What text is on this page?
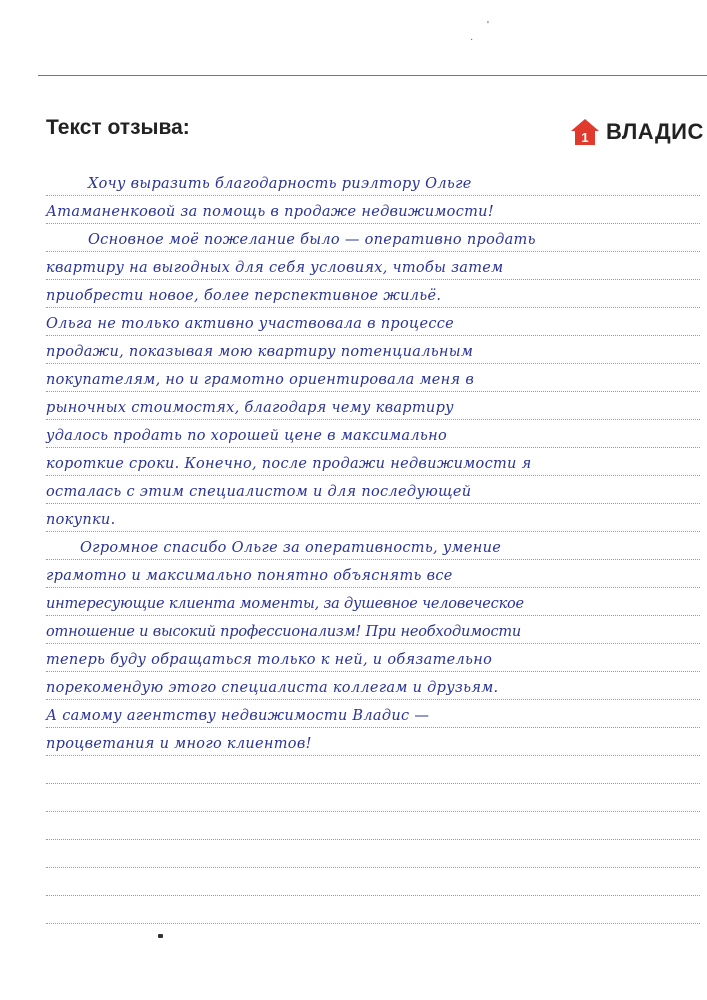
'
·
Текст отзыва:	1 ВЛАДИС
Хочу выразить благодарность риэлтору Ольге
Атаманенковой за помощь в продаже недвижимости!
Основное моё пожелание было — оперативно продать
квартиру на выгодных для себя условиях, чтобы затем
приобрести новое, более перспективное жильё.
Ольга не только активно участвовала в процессе
продажи, показывая мою квартиру потенциальным
покупателям, но и грамотно ориентировала меня в
рыночных стоимостях, благодаря чему квартиру
удалось продать по хорошей цене в максимально
короткие сроки. Конечно, после продажи недвижимости я
осталась с этим специалистом и для последующей
покупки.
Огромное спасибо Ольге за оперативность, умение
грамотно и максимально понятно объяснять все
интересующие клиента моменты, за душевное человеческое
отношение и высокий профессионализм! При необходимости
теперь буду обращаться только к ней, и обязательно
порекомендую этого специалиста коллегам и друзьям.
А самому агентству недвижимости Владис —
процветания и много клиентов!
